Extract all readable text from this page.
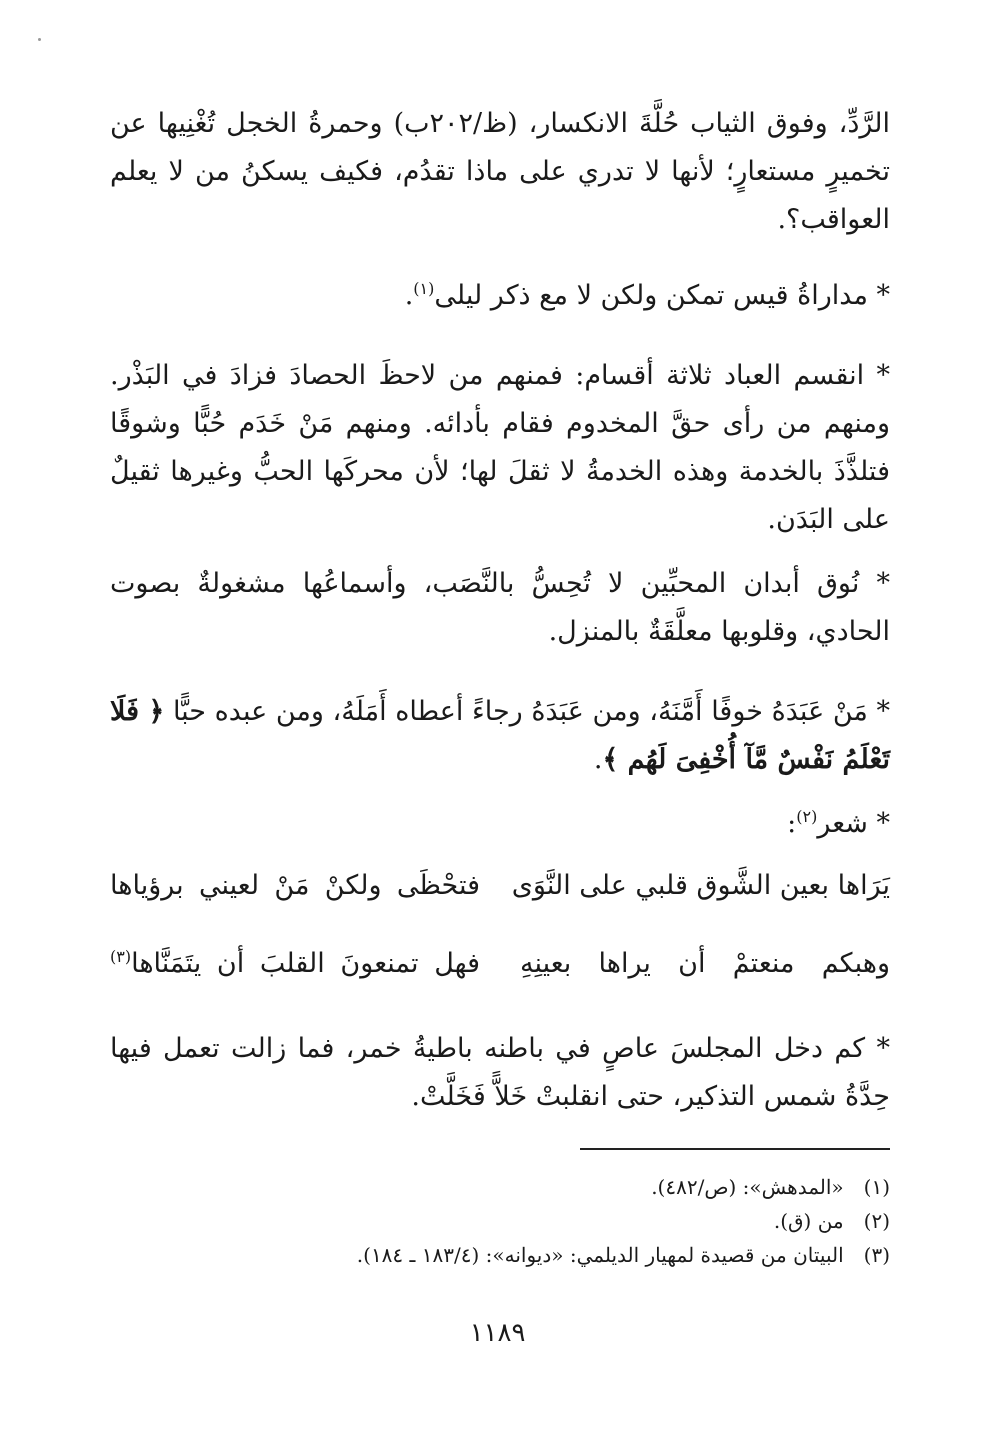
الرَّدِّ، وفوق الثياب حُلَّةَ الانكسار، (ظ/٢٠٢ب) وحمرةُ الخجل تُغْنِيها عن تخميرٍ مستعارٍ؛ لأنها لا تدري على ماذا تقدُم، فكيف يسكنُ من لا يعلم العواقب؟.

* مداراةُ قيس تمكن ولكن لا مع ذكر ليلى$^{(١)}$.

* انقسم العباد ثلاثة أقسام: فمنهم من لاحظَ الحصادَ فزادَ في البَذْر. ومنهم من رأى حقَّ المخدوم فقام بأدائه. ومنهم مَنْ خَدَم حُبًّا وشوقًا فتلذَّذَ بالخدمة وهذه الخدمةُ لا ثقلَ لها؛ لأن محركَها الحبُّ وغيرها ثقيلٌ على البَدَن.

* نُوق أبدان المحبِّين لا تُحِسُّ بالنَّصَب، وأسماعُها مشغولةٌ بصوت الحادي، وقلوبها معلَّقَةٌ بالمنزل.

* مَنْ عَبَدَهُ خوفًا أَمَّنَهُ، ومن عَبَدَهُ رجاءً أعطاه أَمَلَهُ، ومن عبده حبًّا ﴿ فَلَا تَعْلَمُ نَفْسٌ مَّآ أُخْفِىَ لَهُم ﴾.

* شعر$^{(٢)}$:

يَرَاها بعين الشَّوق قلبي على النَّوَى
فتحْظَى ولكنْ مَنْ لعيني برؤياها
وهبكم منعتمْ أن يراها بعينِهِ
فهل تمنعونَ القلبَ أن يتَمَنَّاها$^{(٣)}$

* كم دخل المجلسَ عاصٍ في باطنه باطيةُ خمر، فما زالت تعمل فيها حِدَّةُ شمس التذكير، حتى انقلبتْ خَلاًّ فَخَلَّتْ.

(١) «المدهش»: (ص/٤٨٢).

(٢) من (ق).

(٣) البيتان من قصيدة لمهيار الديلمي: «ديوانه»: (١٨٣/٤ ـ ١٨٤).

١١٨٩
